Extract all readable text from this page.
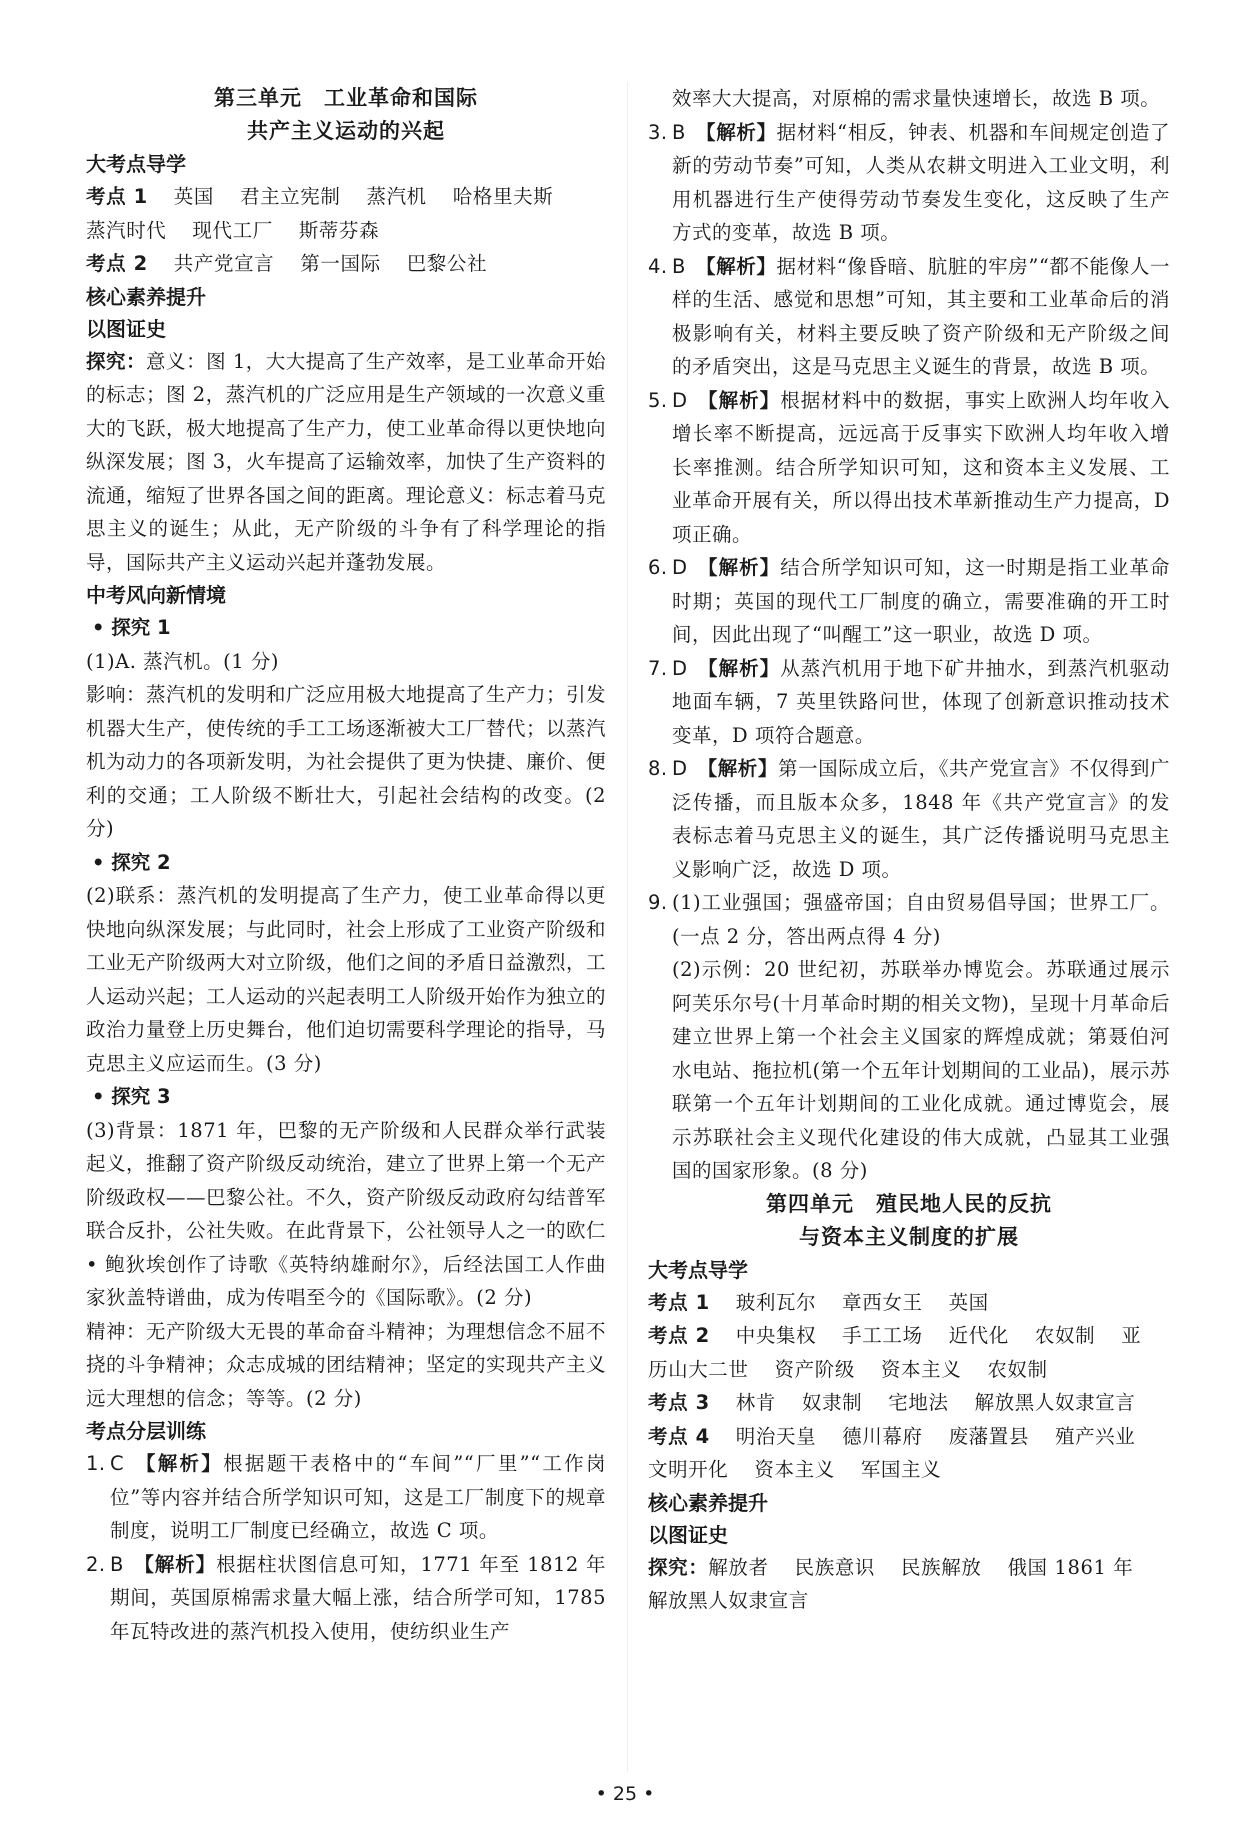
第三单元　工业革命和国际
共产主义运动的兴起
大考点导学
考点 1 英国 君主立宪制 蒸汽机 哈格里夫斯
蒸汽时代 现代工厂 斯蒂芬森
考点 2 共产党宣言 第一国际 巴黎公社
核心素养提升
以图证史
探究：意义：图 1，大大提高了生产效率，是工业革命开始的标志；图 2，蒸汽机的广泛应用是生产领域的一次意义重大的飞跃，极大地提高了生产力，使工业革命得以更快地向纵深发展；图 3，火车提高了运输效率，加快了生产资料的流通，缩短了世界各国之间的距离。理论意义：标志着马克思主义的诞生；从此，无产阶级的斗争有了科学理论的指导，国际共产主义运动兴起并蓬勃发展。
中考风向新情境
• 探究 1
(1)A. 蒸汽机。(1 分)
影响：蒸汽机的发明和广泛应用极大地提高了生产力；引发机器大生产，使传统的手工工场逐渐被大工厂替代；以蒸汽机为动力的各项新发明，为社会提供了更为快捷、廉价、便利的交通；工人阶级不断壮大，引起社会结构的改变。(2 分)
• 探究 2
(2)联系：蒸汽机的发明提高了生产力，使工业革命得以更快地向纵深发展；与此同时，社会上形成了工业资产阶级和工业无产阶级两大对立阶级，他们之间的矛盾日益激烈，工人运动兴起；工人运动的兴起表明工人阶级开始作为独立的政治力量登上历史舞台，他们迫切需要科学理论的指导，马克思主义应运而生。(3 分)
• 探究 3
(3)背景：1871 年，巴黎的无产阶级和人民群众举行武装起义，推翻了资产阶级反动统治，建立了世界上第一个无产阶级政权——巴黎公社。不久，资产阶级反动政府勾结普军联合反扑，公社失败。在此背景下，公社领导人之一的欧仁 • 鲍狄埃创作了诗歌《英特纳雄耐尔》，后经法国工人作曲家狄盖特谱曲，成为传唱至今的《国际歌》。(2 分)
精神：无产阶级大无畏的革命奋斗精神；为理想信念不屈不挠的斗争精神；众志成城的团结精神；坚定的实现共产主义远大理想的信念；等等。(2 分)
考点分层训练
1. C 【解析】根据题干表格中的“车间”“厂里”“工作岗位”等内容并结合所学知识可知，这是工厂制度下的规章制度，说明工厂制度已经确立，故选 C 项。
2. B 【解析】根据柱状图信息可知，1771 年至 1812 年期间，英国原棉需求量大幅上涨，结合所学可知，1785 年瓦特改进的蒸汽机投入使用，使纺织业生产
效率大大提高，对原棉的需求量快速增长，故选 B 项。
3. B 【解析】据材料“相反，钟表、机器和车间规定创造了新的劳动节奏”可知，人类从农耕文明进入工业文明，利用机器进行生产使得劳动节奏发生变化，这反映了生产方式的变革，故选 B 项。
4. B 【解析】据材料“像昏暗、肮脏的牢房”“都不能像人一样的生活、感觉和思想”可知，其主要和工业革命后的消极影响有关，材料主要反映了资产阶级和无产阶级之间的矛盾突出，这是马克思主义诞生的背景，故选 B 项。
5. D 【解析】根据材料中的数据，事实上欧洲人均年收入增长率不断提高，远远高于反事实下欧洲人均年收入增长率推测。结合所学知识可知，这和资本主义发展、工业革命开展有关，所以得出技术革新推动生产力提高，D 项正确。
6. D 【解析】结合所学知识可知，这一时期是指工业革命时期；英国的现代工厂制度的确立，需要准确的开工时间，因此出现了“叫醒工”这一职业，故选 D 项。
7. D 【解析】从蒸汽机用于地下矿井抽水，到蒸汽机驱动地面车辆，7 英里铁路问世，体现了创新意识推动技术变革，D 项符合题意。
8. D 【解析】第一国际成立后，《共产党宣言》不仅得到广泛传播，而且版本众多，1848 年《共产党宣言》的发表标志着马克思主义的诞生，其广泛传播说明马克思主义影响广泛，故选 D 项。
9. (1)工业强国；强盛帝国；自由贸易倡导国；世界工厂。(一点 2 分，答出两点得 4 分)
(2)示例：20 世纪初，苏联举办博览会。苏联通过展示阿芙乐尔号(十月革命时期的相关文物)，呈现十月革命后建立世界上第一个社会主义国家的辉煌成就；第聂伯河水电站、拖拉机(第一个五年计划期间的工业品)，展示苏联第一个五年计划期间的工业化成就。通过博览会，展示苏联社会主义现代化建设的伟大成就，凸显其工业强国的国家形象。(8 分)
第四单元　殖民地人民的反抗
与资本主义制度的扩展
大考点导学
考点 1 玻利瓦尔 章西女王 英国
考点 2 中央集权 手工工场 近代化 农奴制 亚
历山大二世 资产阶级 资本主义 农奴制
考点 3 林肯 奴隶制 宅地法 解放黑人奴隶宣言
考点 4 明治天皇 德川幕府 废藩置县 殖产兴业
文明开化 资本主义 军国主义
核心素养提升
以图证史
探究：解放者 民族意识 民族解放 俄国 1861 年
解放黑人奴隶宣言
• 25 •
